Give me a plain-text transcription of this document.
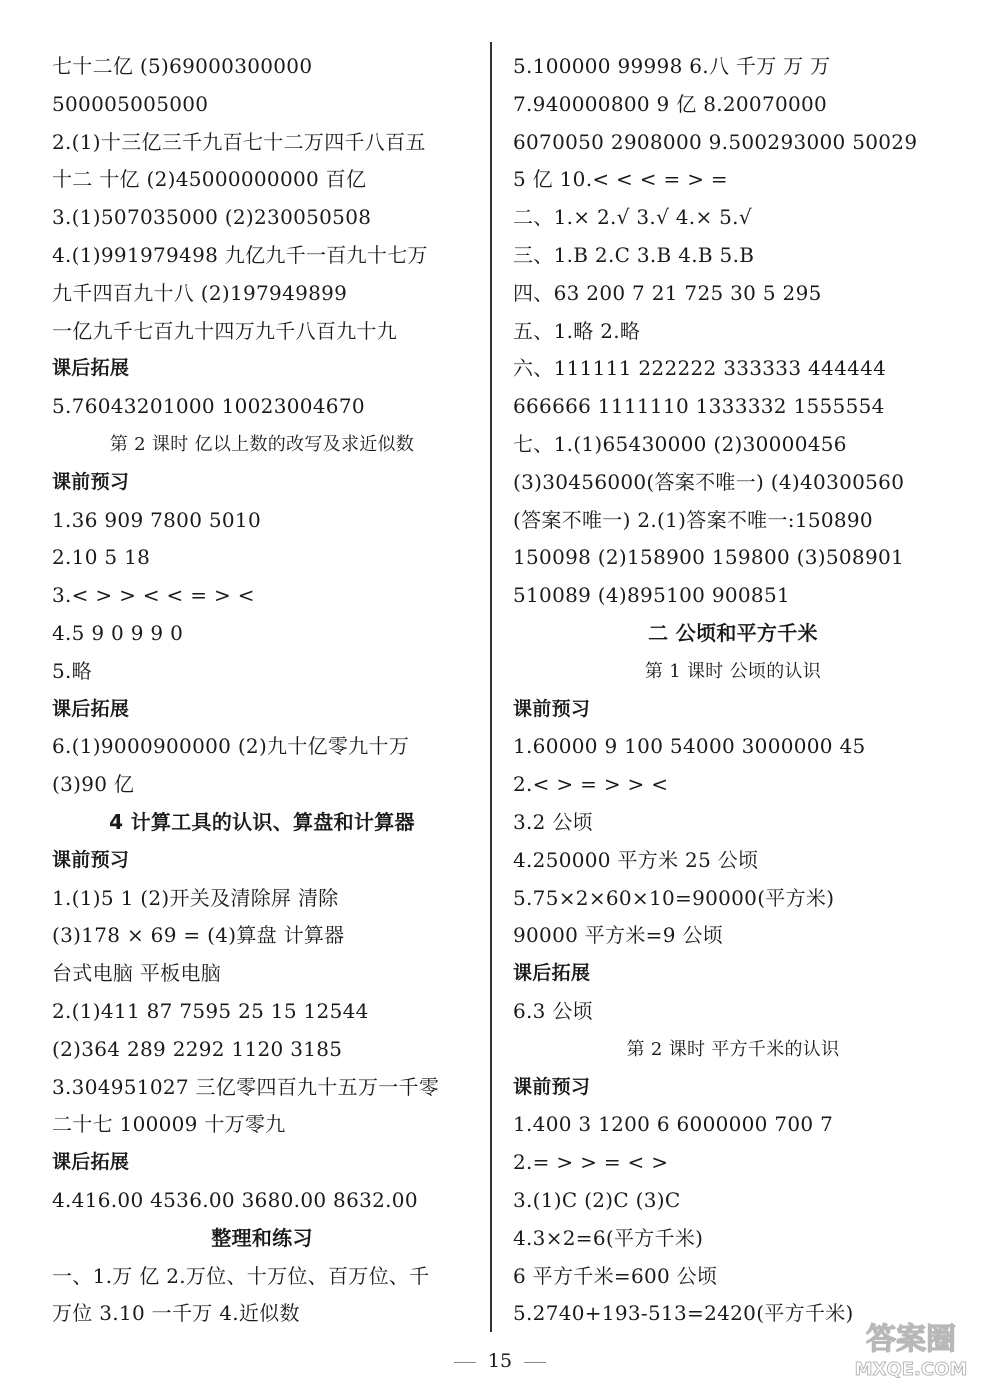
七十二亿 (5)69000300000
500005005000
2.(1)十三亿三千九百七十二万四千八百五
十二 十亿 (2)45000000000 百亿
3.(1)507035000 (2)230050508
4.(1)991979498 九亿九千一百九十七万
九千四百九十八 (2)197949899
一亿九千七百九十四万九千八百九十九
课后拓展
5.76043201000 10023004670
第 2 课时 亿以上数的改写及求近似数
课前预习
1.36 909 7800 5010
2.10 5 18
3.< > > < < = > <
4.5 9 0 9 9 0
5.略
课后拓展
6.(1)9000900000 (2)九十亿零九十万
(3)90 亿
4 计算工具的认识、算盘和计算器
课前预习
1.(1)5 1 (2)开关及清除屏 清除
(3)178 × 69 = (4)算盘 计算器
台式电脑 平板电脑
2.(1)411 87 7595 25 15 12544
(2)364 289 2292 1120 3185
3.304951027 三亿零四百九十五万一千零
二十七 100009 十万零九
课后拓展
4.416.00 4536.00 3680.00 8632.00
整理和练习
一、1.万 亿 2.万位、十万位、百万位、千
万位 3.10 一千万 4.近似数
5.100000 99998 6.八 千万 万 万
7.940000800 9 亿 8.20070000
6070050 2908000 9.500293000 50029
5 亿 10.< < < = > =
二、1.× 2.√ 3.√ 4.× 5.√
三、1.B 2.C 3.B 4.B 5.B
四、63 200 7 21 725 30 5 295
五、1.略 2.略
六、111111 222222 333333 444444
666666 1111110 1333332 1555554
七、1.(1)65430000 (2)30000456
(3)30456000(答案不唯一) (4)40300560
(答案不唯一) 2.(1)答案不唯一:150890
150098 (2)158900 159800 (3)508901
510089 (4)895100 900851
二 公顷和平方千米
第 1 课时 公顷的认识
课前预习
1.60000 9 100 54000 3000000 45
2.< > = > > <
3.2 公顷
4.250000 平方米 25 公顷
5.75×2×60×10=90000(平方米)
90000 平方米=9 公顷
课后拓展
6.3 公顷
第 2 课时 平方千米的认识
课前预习
1.400 3 1200 6 6000000 700 7
2.= > > = < >
3.(1)C (2)C (3)C
4.3×2=6(平方千米)
6 平方千米=600 公顷
5.2740+193-513=2420(平方千米)
15
答案圈
MXQE.COM
